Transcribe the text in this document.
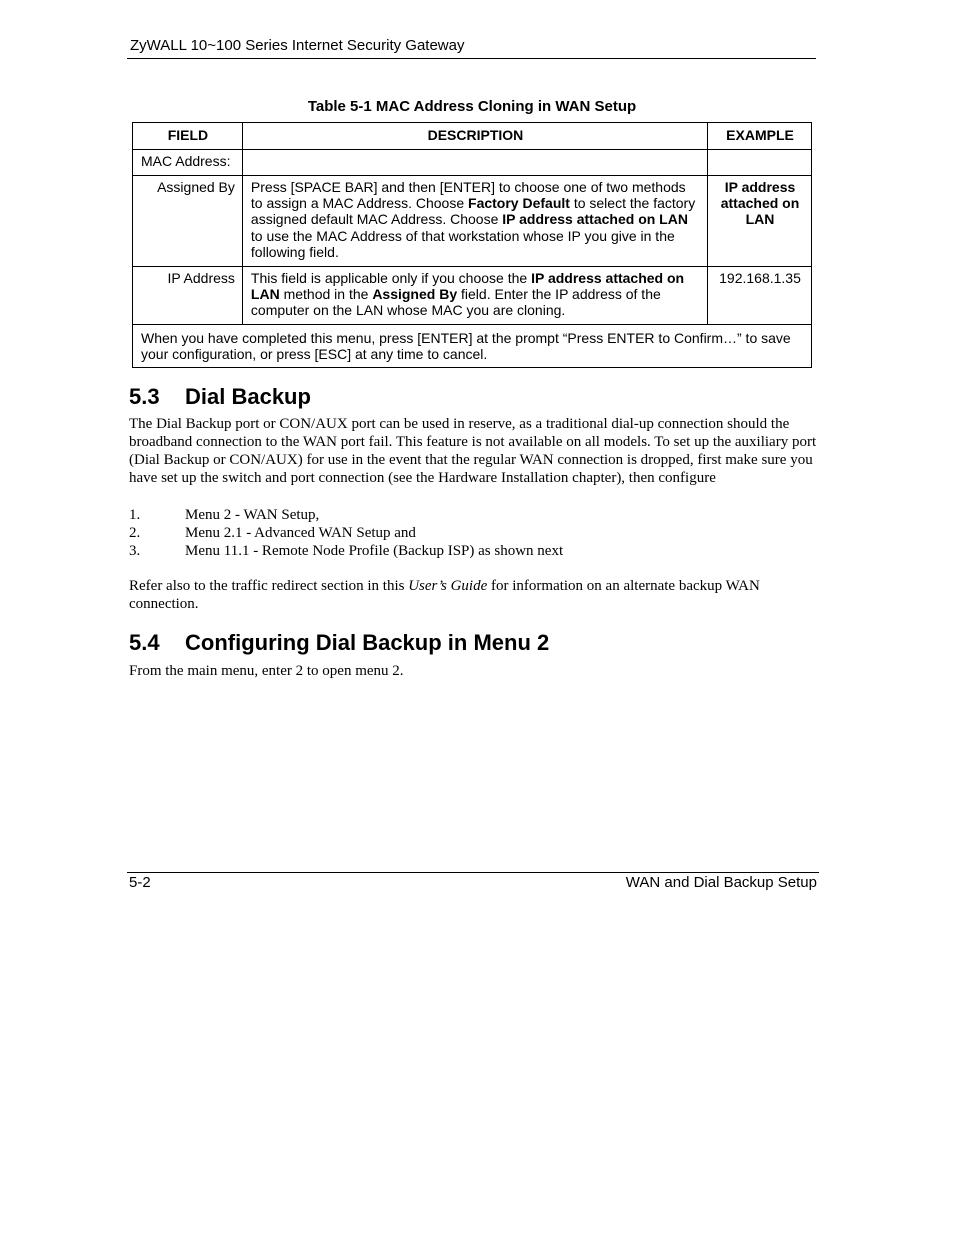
ZyWALL 10~100 Series Internet Security Gateway
Table 5-1 MAC Address Cloning in WAN Setup
FIELD	DESCRIPTION	EXAMPLE
MAC Address:		
Assigned By	Press [SPACE BAR] and then [ENTER] to choose one of two methods to assign a MAC Address. Choose Factory Default to select the factory assigned default MAC Address. Choose IP address attached on LAN to use the MAC Address of that workstation whose IP you give in the following field.	IP address attached on LAN
IP Address	This field is applicable only if you choose the IP address attached on LAN method in the Assigned By field. Enter the IP address of the computer on the LAN whose MAC you are cloning.	192.168.1.35
When you have completed this menu, press [ENTER] at the prompt “Press ENTER to Confirm…” to save your configuration, or press [ESC] at any time to cancel.		
5.3 Dial Backup
The Dial Backup port or CON/AUX port can be used in reserve, as a traditional dial-up connection should the broadband connection to the WAN port fail. This feature is not available on all models. To set up the auxiliary port (Dial Backup or CON/AUX) for use in the event that the regular WAN connection is dropped, first make sure you have set up the switch and port connection (see the Hardware Installation chapter), then configure
1.	Menu 2 - WAN Setup,
2.	Menu 2.1 - Advanced WAN Setup and
3.	Menu 11.1 - Remote Node Profile (Backup ISP) as shown next
Refer also to the traffic redirect section in this User’s Guide for information on an alternate backup WAN connection.
5.4 Configuring Dial Backup in Menu 2
From the main menu, enter 2 to open menu 2.
5-2	WAN and Dial Backup Setup
